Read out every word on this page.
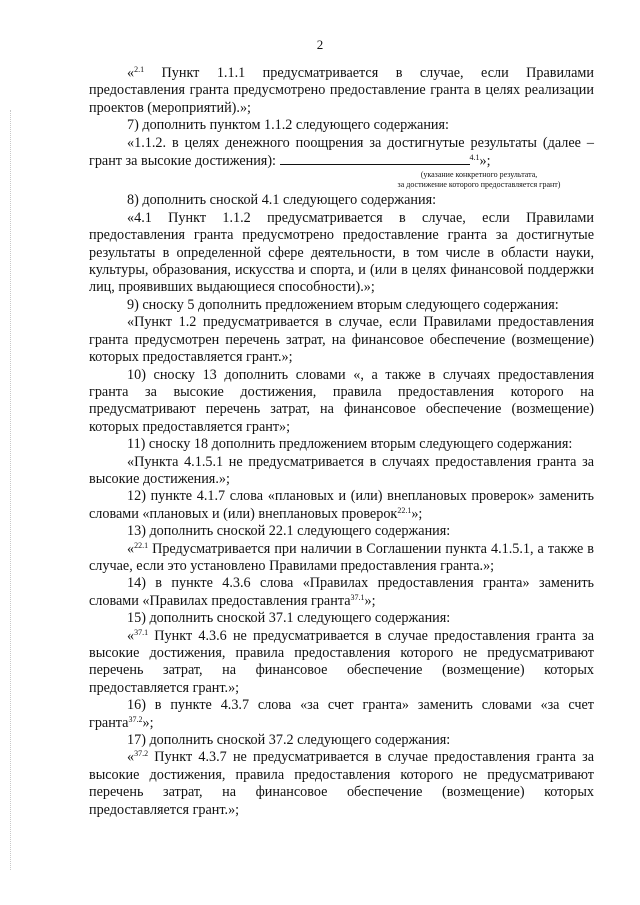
2

«$^{2.1}$ Пункт 1.1.1 предусматривается в случае, если Правилами предоставления гранта предусмотрено предоставление гранта в целях реализации проектов (мероприятий).»;

7) дополнить пунктом 1.1.2 следующего содержания:

«1.1.2. в целях денежного поощрения за достигнутые результаты (далее – грант за высокие достижения):	$^{4.1}$»;

(указание конкретного результата,
за достижение которого предоставляется грант)

8) дополнить сноской 4.1 следующего содержания:

«4.1 Пункт 1.1.2 предусматривается в случае, если Правилами предоставления гранта предусмотрено предоставление гранта за достигнутые результаты в определенной сфере деятельности, в том числе в области науки, культуры, образования, искусства и спорта, и (или в целях финансовой поддержки лиц, проявивших выдающиеся способности).»;

9) сноску 5 дополнить предложением вторым следующего содержания:

«Пункт 1.2 предусматривается в случае, если Правилами предоставления гранта предусмотрен перечень затрат, на финансовое обеспечение (возмещение) которых предоставляется грант.»;

10) сноску 13 дополнить словами «, а также в случаях предоставления гранта за высокие достижения, правила предоставления которого на предусматривают перечень затрат, на финансовое обеспечение (возмещение) которых предоставляется грант»;

11) сноску 18 дополнить предложением вторым следующего содержания:

«Пункта 4.1.5.1 не предусматривается в случаях предоставления гранта за высокие достижения.»;

12) пункте 4.1.7 слова «плановых и (или) внеплановых проверок» заменить словами «плановых и (или) внеплановых проверок$^{22.1}$»;

13) дополнить сноской 22.1 следующего содержания:

«$^{22.1}$ Предусматривается при наличии в Соглашении пункта 4.1.5.1, а также в случае, если это установлено Правилами предоставления гранта.»;

14) в пункте 4.3.6 слова «Правилах предоставления гранта» заменить словами «Правилах предоставления гранта$^{37.1}$»;

15) дополнить сноской 37.1 следующего содержания:

«$^{37.1}$ Пункт 4.3.6 не предусматривается в случае предоставления гранта за высокие достижения, правила предоставления которого не предусматривают перечень затрат, на финансовое обеспечение (возмещение) которых предоставляется грант.»;

16) в пункте 4.3.7 слова «за счет гранта» заменить словами «за счет гранта$^{37.2}$»;

17) дополнить сноской 37.2 следующего содержания:

«$^{37.2}$ Пункт 4.3.7 не предусматривается в случае предоставления гранта за высокие достижения, правила предоставления которого не предусматривают перечень затрат, на финансовое обеспечение (возмещение) которых предоставляется грант.»;
